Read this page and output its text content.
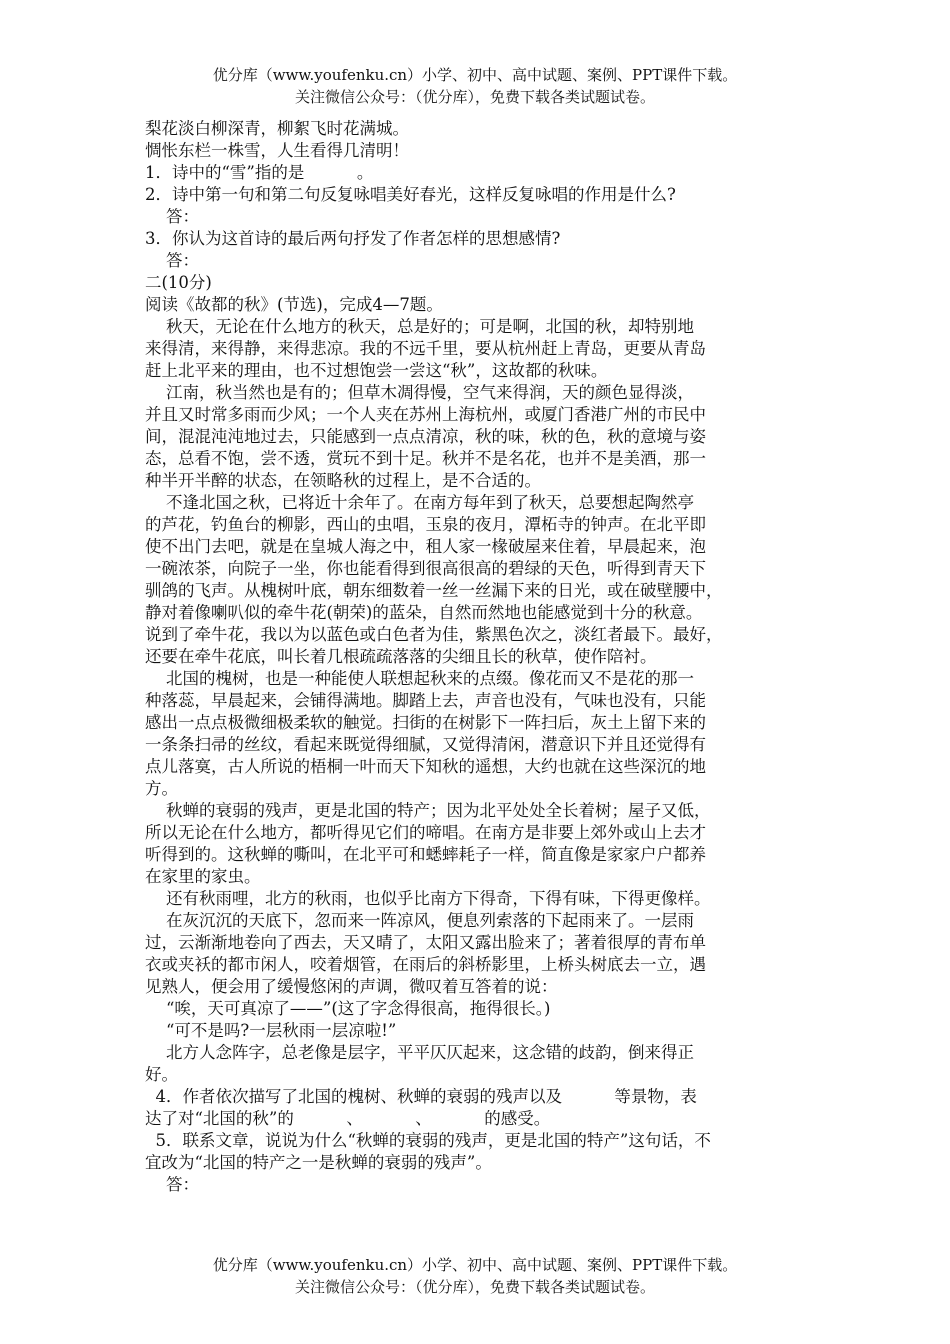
优分库（www.youfenku.cn）小学、初中、高中试题、案例、PPT课件下载。
关注微信公众号：（优分库），免费下载各类试题试卷。
梨花淡白柳深青，柳絮飞时花满城。
惆怅东栏一株雪，人生看得几清明！
1．诗中的“雪”指的是          。
2．诗中第一句和第二句反复咏唱美好春光，这样反复咏唱的作用是什么?
答：
3．你认为这首诗的最后两句抒发了作者怎样的思想感情?
答：
二(10分)
阅读《故都的秋》(节选)，完成4—7题。
秋天，无论在什么地方的秋天，总是好的；可是啊，北国的秋，却特别地
来得清，来得静，来得悲凉。我的不远千里，要从杭州赶上青岛，更要从青岛
赶上北平来的理由，也不过想饱尝一尝这“秋”，这故都的秋味。
江南，秋当然也是有的；但草木凋得慢，空气来得润，天的颜色显得淡，
并且又时常多雨而少风；一个人夹在苏州上海杭州，或厦门香港广州的市民中
间，混混沌沌地过去，只能感到一点点清凉，秋的味，秋的色，秋的意境与姿
态，总看不饱，尝不透，赏玩不到十足。秋并不是名花，也并不是美酒，那一
种半开半醉的状态，在领略秋的过程上，是不合适的。
不逢北国之秋，已将近十余年了。在南方每年到了秋天，总要想起陶然亭
的芦花，钓鱼台的柳影，西山的虫唱，玉泉的夜月，潭柘寺的钟声。在北平即
使不出门去吧，就是在皇城人海之中，租人家一椽破屋来住着，早晨起来，泡
一碗浓茶，向院子一坐，你也能看得到很高很高的碧绿的天色，听得到青天下
驯鸽的飞声。从槐树叶底，朝东细数着一丝一丝漏下来的日光，或在破壁腰中，
静对着像喇叭似的牵牛花(朝荣)的蓝朵，自然而然地也能感觉到十分的秋意。
说到了牵牛花，我以为以蓝色或白色者为佳，紫黑色次之，淡红者最下。最好，
还要在牵牛花底，叫长着几根疏疏落落的尖细且长的秋草，使作陪衬。
北国的槐树，也是一种能使人联想起秋来的点缀。像花而又不是花的那一
种落蕊，早晨起来，会铺得满地。脚踏上去，声音也没有，气味也没有，只能
感出一点点极微细极柔软的触觉。扫街的在树影下一阵扫后，灰土上留下来的
一条条扫帚的丝纹，看起来既觉得细腻，又觉得清闲，潜意识下并且还觉得有
点儿落寞，古人所说的梧桐一叶而天下知秋的遥想，大约也就在这些深沉的地
方。
秋蝉的衰弱的残声，更是北国的特产；因为北平处处全长着树；屋子又低，
所以无论在什么地方，都听得见它们的啼唱。在南方是非要上郊外或山上去才
听得到的。这秋蝉的嘶叫，在北平可和蟋蟀耗子一样，简直像是家家户户都养
在家里的家虫。
还有秋雨哩，北方的秋雨，也似乎比南方下得奇，下得有味，下得更像样。
在灰沉沉的天底下，忽而来一阵凉风，便息列索落的下起雨来了。一层雨
过，云渐渐地卷向了西去，天又晴了，太阳又露出脸来了；著着很厚的青布单
衣或夹袄的都市闲人，咬着烟管，在雨后的斜桥影里，上桥头树底去一立，遇
见熟人，便会用了缓慢悠闲的声调，微叹着互答着的说：
“唉，天可真凉了——”(这了字念得很高，拖得很长。)
“可不是吗?一层秋雨一层凉啦!”
北方人念阵字，总老像是层字，平平仄仄起来，这念错的歧韵，倒来得正
好。
4．作者依次描写了北国的槐树、秋蝉的衰弱的残声以及          等景物，表
达了对“北国的秋”的          、          、          的感受。
5．联系文章，说说为什么“秋蝉的衰弱的残声，更是北国的特产”这句话，不
宜改为“北国的特产之一是秋蝉的衰弱的残声”。
答：
优分库（www.youfenku.cn）小学、初中、高中试题、案例、PPT课件下载。
关注微信公众号：（优分库），免费下载各类试题试卷。
